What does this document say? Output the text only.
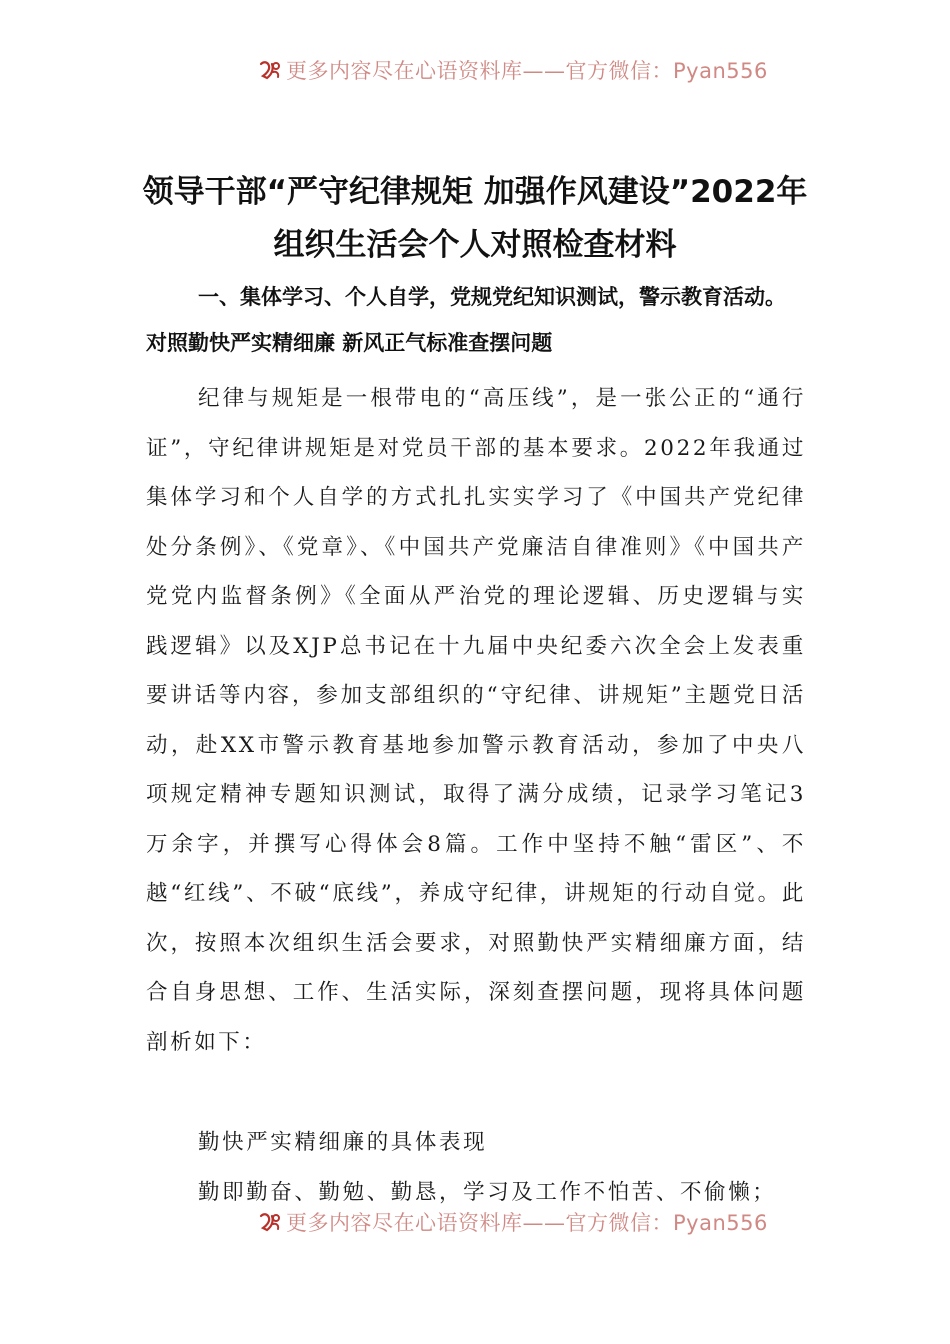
更多内容尽在心语资料库——官方微信：Pyan556
领导干部“严守纪律规矩 加强作风建设”2022年组织生活会个人对照检查材料

一、集体学习、个人自学，党规党纪知识测试，警示教育活动。对照勤快严实精细廉 新风正气标准查摆问题

纪律与规矩是一根带电的“高压线”，是一张公正的“通行证”，守纪律讲规矩是对党员干部的基本要求。2022年我通过集体学习和个人自学的方式扎扎实实学习了《中国共产党纪律处分条例》、《党章》、《中国共产党廉洁自律准则》《中国共产党党内监督条例》《全面从严治党的理论逻辑、历史逻辑与实践逻辑》以及XJP总书记在十九届中央纪委六次全会上发表重要讲话等内容，参加支部组织的“守纪律、讲规矩”主题党日活动，赴XX市警示教育基地参加警示教育活动，参加了中央八项规定精神专题知识测试，取得了满分成绩，记录学习笔记3万余字，并撰写心得体会8篇。工作中坚持不触“雷区”、不越“红线”、不破“底线”，养成守纪律，讲规矩的行动自觉。此次，按照本次组织生活会要求，对照勤快严实精细廉方面，结合自身思想、工作、生活实际，深刻查摆问题，现将具体问题剖析如下：

勤快严实精细廉的具体表现

勤即勤奋、勤勉、勤恳，学习及工作不怕苦、不偷懒；

更多内容尽在心语资料库——官方微信：Pyan556
